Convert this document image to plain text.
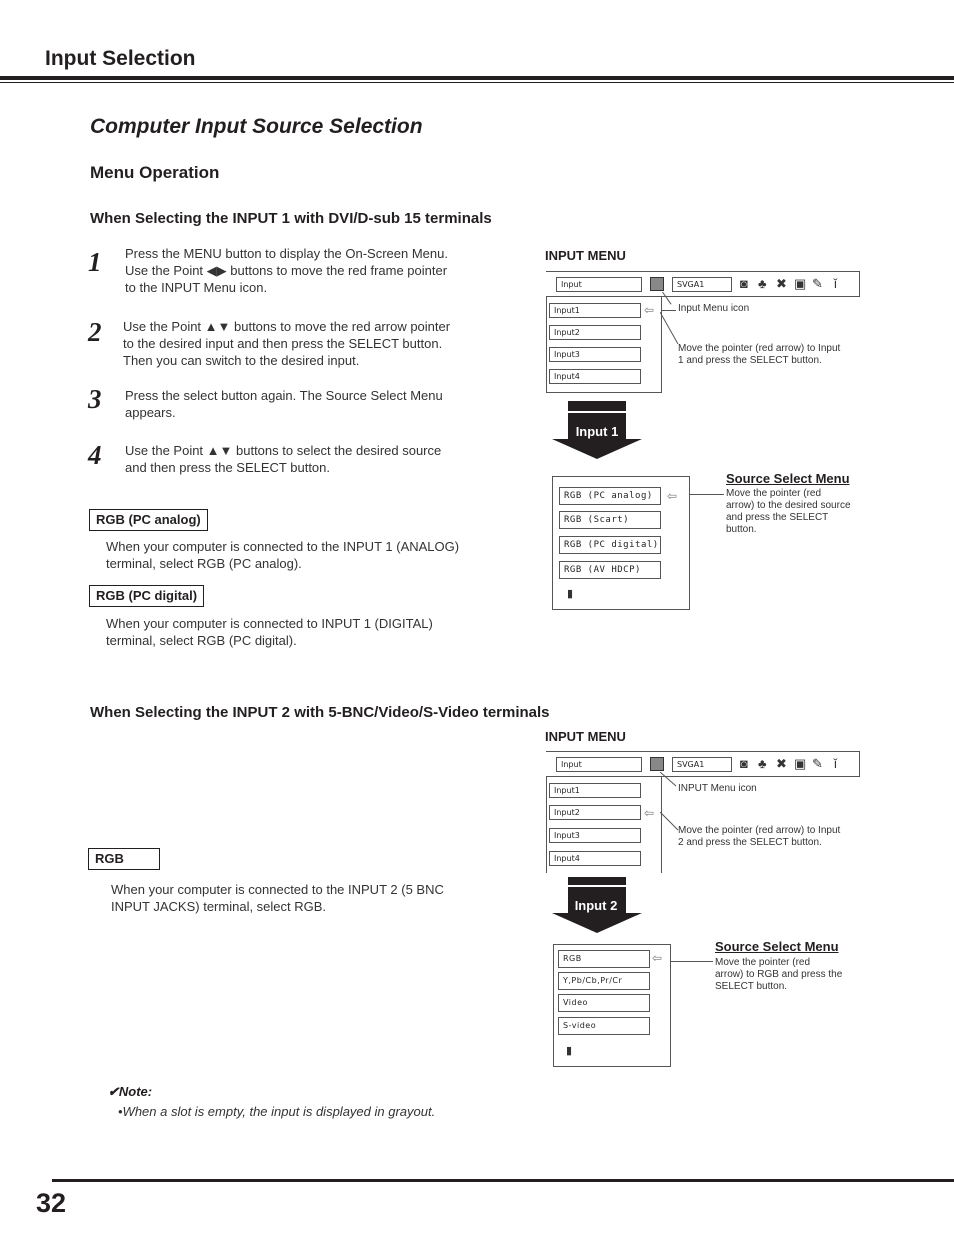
Input Selection
Computer Input Source Selection
Menu Operation
When Selecting the INPUT 1 with DVI/D-sub 15 terminals
1 Press the MENU button to display the On-Screen Menu.
Use the Point ◀▶ buttons to move the red frame pointer
to the INPUT Menu icon.
2 Use the Point ▲▼ buttons to move the red arrow pointer
to the desired input and then press the SELECT button.
Then you can switch to the desired input.
3 Press the select button again. The Source Select Menu
appears.
4 Use the Point ▲▼ buttons to select the desired source
and then press the SELECT button.
RGB (PC analog)
When your computer is connected to the INPUT 1 (ANALOG)
terminal, select RGB (PC analog).
RGB (PC digital)
When your computer is connected to INPUT 1 (DIGITAL)
terminal, select RGB (PC digital).
INPUT MENU
Input	SVGA1	◙ ♣ ✖ ▣ ✎ ǐ
Input1
Input2
Input3
Input4
⇦ Input Menu icon
Move the pointer (red arrow) to Input
1 and press the SELECT button.
Input 1
RGB (PC analog)
RGB (Scart)
RGB (PC digital)
RGB (AV HDCP)
⇦
▮
Source Select Menu
Move the pointer (red
arrow) to the desired source
and press the SELECT
button.
When Selecting the INPUT 2 with 5-BNC/Video/S-Video terminals
RGB
When your computer is connected to the INPUT 2 (5 BNC
INPUT JACKS) terminal, select RGB.
INPUT MENU
Input	SVGA1	◙ ♣ ✖ ▣ ✎ ǐ
Input1
Input2
Input3
Input4
⇦
INPUT Menu icon
Move the pointer (red arrow) to Input
2 and press the SELECT button.
Input 2
RGB
Y,Pb/Cb,Pr/Cr
Video
S-video
⇦
▮
Source Select Menu
Move the pointer (red
arrow) to RGB and press the
SELECT button.
✔Note:
•When a slot is empty, the input is displayed in grayout.
32
